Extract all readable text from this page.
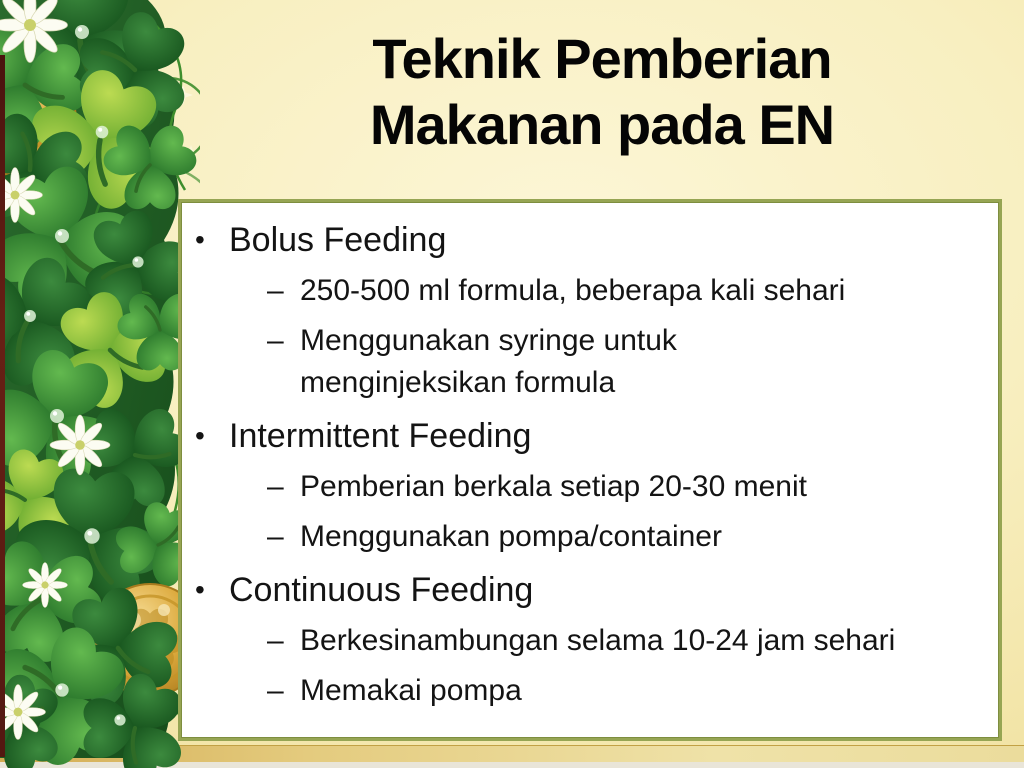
Teknik Pemberian
Makanan pada EN
• Bolus Feeding
– 250-500 ml formula, beberapa kali sehari
– Menggunakan syringe untuk menginjeksikan formula
• Intermittent Feeding
– Pemberian berkala setiap 20-30 menit
– Menggunakan pompa/container
• Continuous Feeding
– Berkesinambungan selama 10-24 jam sehari
– Memakai pompa
